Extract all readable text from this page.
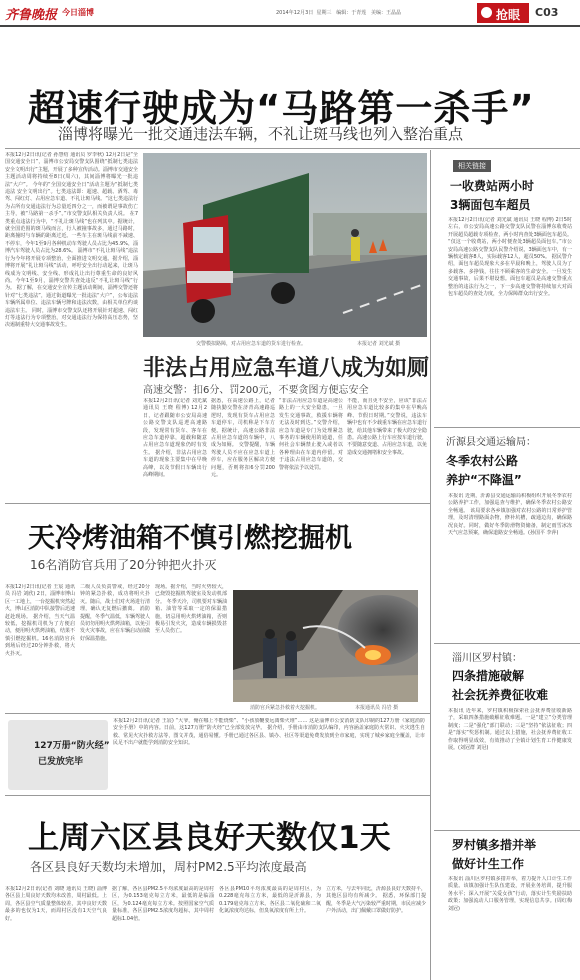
齐鲁晚报 今日淄博	2014年12月3日  星期三   编辑：于青莲   美编：王晶晶	抢眼 C03
超速行驶成为“马路第一杀手”
淄博将曝光一批交通违法车辆，不礼让斑马线也列入整治重点
本报12月2日讯(记者 孙慧绍 通讯员 罗李秋) 12月2日是“全国交通安全日”，淄博市公安局交警支队围绕“抵制七类违法 安全文明出行”主题，开展了多种宣传活动。淄博市交通安全主题活动周将持续至8日(周六)，其间淄博将曝光一批违法“大户”。 今年的“全国交通安全日”活动主题为“抵制七类违法 安全文明出行”。七类违法即：超速、超载、酒驾、毒驾、闯红灯、占用应急车道、不礼让斑马线。“这七类违法行为占所有交通违法行为总量近四分之一，而被谓是事故伤亡主导，被“马路第一杀手”。”市交警支队相关负责人说。 在7类重点违法行为中，“不礼让斑马线”也在列其中。据统计，就全国范围的斑马线而言，行人被撞事故多，通过马路时，距离撞时与车辆的距离过近。一些车主在斑马线前不减速、不停车，今年1至9月各种机动车驾驶人员占比为45.9%，淄博汽车驾驶人员占比为28.6%。 淄博市“不礼让斑马线”违法行为今年将开展专项整治，全面推进文明交通。据介绍，淄博将开展“礼让斑马线”活动，呼吁安全出行动起来，让斑马线成为文明线、安全线、形成礼让出行尊重生命的良好风尚。今年1至9月，淄博交警共查处违反“不礼让斑马线”行为。 据了解，在交通安全宣传主题活动期间，淄博交警还将针对“七类违法”，通过街道曝光一批违法“大户”，公布违法车辆所属单位、违法车辆号牌和违法次数，由相关单位约谈违法车主。 同时，淄博市交警支队还将开展针对超速、闯红灯等违法行为专项整治，对交通违法行为保持高压态势，坚决遏制重特大交通事故发生。
交警模拟路障，对占用应急车道的货车进行检查。	本报记者 刘光斌 摄
非法占用应急车道八成为如厕
高速交警：扣6分、罚200元，不要贪图方便忘安全
本报12月2日讯(记者 刘光斌 通讯员 王晓 程博) 12月2日，记者跟随市公安局高速公路交警支队巡逻高速路段，发现常有货车、客车在应急车道停靠，超载和随意占用应急车道现象仍时有发生。 据介绍，非法占用应急车道的现象主要集中在早晚高峰，以及节假日车辆出行高峰期间。
据悉，在高速公路上，记者随执勤交警在济青高速路巡逻时，发现有货车占用应急车道停车，司机称是下车方便。据统计，高速公路非法占用应急车道的车辆中，八成为如厕。 交警提醒，车辆驾驶人员不应在应急车道上停车，应在服务区解决方便问题，否则将扣6分罚200元。
“非法占用应急车道是高速公路上的一大安全隐患，一旦发生交通事故，救援车辆将无法及时到达。”交警介绍，应急车道是专门为处理紧急事务的车辆使用的通道，任何社会车辆禁止驶入或者以各种理由在车道内停留。对于违法占用应急车道的，交警将依法予以处罚。
不能，而且更不安全，应该“非法占用应急车道比较多的集中在早晚高峰、节假日时期。”交警说，违法车辆中也有不少载重车辆在应急车道行驶，给其他车辆带来了极大的安全隐患。高速公路上行车应按车道行驶，不要随意变道、占用应急车道，以免造成交通拥堵和安全事故。
相关链接
一收费站两小时
3辆面包车超员
本报12月2日讯(记者 刘光斌 通讯员 王晓 程博) 2日5时左右，市公安局高速公路交警支队民警在淄博东收费站开展超员超载专项检查，两小时内查处3辆面包车超员。 “仅这一个收费站，两小时便查处3辆超员面包车。”市公安局高速公路交警支队民警介绍说，3辆面包车中，有一辆核定载客8人，实际载客12人，超员50%。 据民警介绍，面包车超员现象大多在早晨和晚上，驾驶人员为了多载客、多挣钱，往往不顾乘客的生命安全。一旦发生交通事故，后果不堪设想。面包车超员是高速交警重点整治的违法行为之一，下一步高速交警将持续加大对面包车超员的查处力度，全力保障群众出行安全。
沂源县交通运输局：
冬季农村公路
养护“不降温”
本报讯 近期，沂源县交通运输局积极组织开展冬季农村公路养护工作，加强巡查与维护，确保冬季农村公路安全畅通。 该局要求各乡镇加强对农村公路的日常养护管理，及时清理路面杂物，修补坑槽，疏通边沟，确保路况良好。同时，做好冬季防滑物资储备，制定雨雪冰冻天气应急预案，确保道路安全畅通。(孙国平 李萍)
天冷烤油箱不慎引燃挖掘机
16名消防官兵用了20分钟把火扑灭
本报12月2日讯(记者 王宸 通讯员 冯岩 刘欣) 2日，淄博市博山区一工地上，一台挖掘机突然起火，博山区消防中队接警后迅速赶赴现场。 据介绍，当天气温较低，挖掘机司机为了方便启动，便用明火烘烤油箱，结果不慎引燃挖掘机。16名消防官兵到场后经过20分钟扑救，将大火扑灭。
二级人员负责警戒，经过20分钟的紧急扑救，成功将明火扑灭。随后，战士们对火场进行清理，确认无复燃后撤离。 消防提醒，冬季气温低，车辆驾驶人员切勿用明火烘烤油箱，以免引发火灾事故，应在车辆启动前做好保温措施。
现场。据介绍，当时火势较大，已烧毁挖掘机驾驶室及发动机部分。 冬季天冷，司机要对车辆油箱、油管等采取一定的保温措施，切忌用明火烘烤油箱，否则极易引发火灾，造成车辆损毁甚至人员伤亡。
消防官兵紧急扑救着火挖掘机。	本报通讯员 冯岩 摄
127万册“防火经”
已发放完毕
本报12月2日讯(记者 王宸) “大爷，俺在哪上不能烧柴”、“小孩放鞭要远离柴火堆”…… 这是淄博市公安消防支队印制的127万册《家庭消防安全手册》中的内容。日前，这127万册“防火经”已全部发放完毕。 据介绍，手册由市消防支队编印，内容涵盖家庭防火常识、火灾逃生自救、常见火灾扑救方法等，图文并茂，通俗易懂。手册已通过各区县、镇办、社区等渠道免费发放到全市家庭，实现了城乡家庭全覆盖，让市民足不出户就能学到消防安全知识。
淄川区罗村镇：
四条措施破解
社会抚养费征收难
本报讯 近年来，罗村镇积极探索社会抚养费征收新路子，采取四条措施破解征收难题。一是“建立”分类管理制度；二是“强化”部门联动；三是“坚持”依法征收；四是“落实”奖惩机制。通过以上措施，社会抚养费征收工作取得明显成效，有效推动了全镇计划生育工作健康发展。(刘冠群 刘冠)
罗村镇多措并举
做好计生工作
本报讯 淄川区罗村镇多措并举，着力提升人口计生工作质量。该镇加强计生队伍建设，开展业务培训，提升服务水平；深入开展“关爱女孩”行动，落实计生奖励扶助政策；加强流动人口服务管理，实现信息共享。(周红梅 刘冠)
上周六区县良好天数仅1天
各区县良好天数均未增加，周村PM2.5平均浓度最高
本报12月2日讯(记者 刘晓 通讯员 王晓) 淄博各区县上周良好天数均未改善，周村最低。上周，各区县空气质量整体较差，其中良好天数最多的也仅为1天，而周村区没有1天空气良好。
据了解，各区县PM2.5平均浓度最高的是周村区，为0.153毫克每立方米，最低的是临淄区，为0.124毫克每立方米。按照国家空气质量标准，各区县PM2.5浓度均超标，其中周村超标1.04倍。
各区县PM10平均浓度最高的是周村区，为0.228毫克每立方米，最低的是沂源县，为0.179毫克每立方米。各区县二氧化硫和二氧化氮浓度均达标，但臭氧浓度有所上升。
立方米，与去年同比，沂源县良好天数持平，其他区县均有所减少。 据悉，环保部门提醒，冬季是大气污染较严重时期，市民应减少户外活动，出门佩戴口罩做好防护。
